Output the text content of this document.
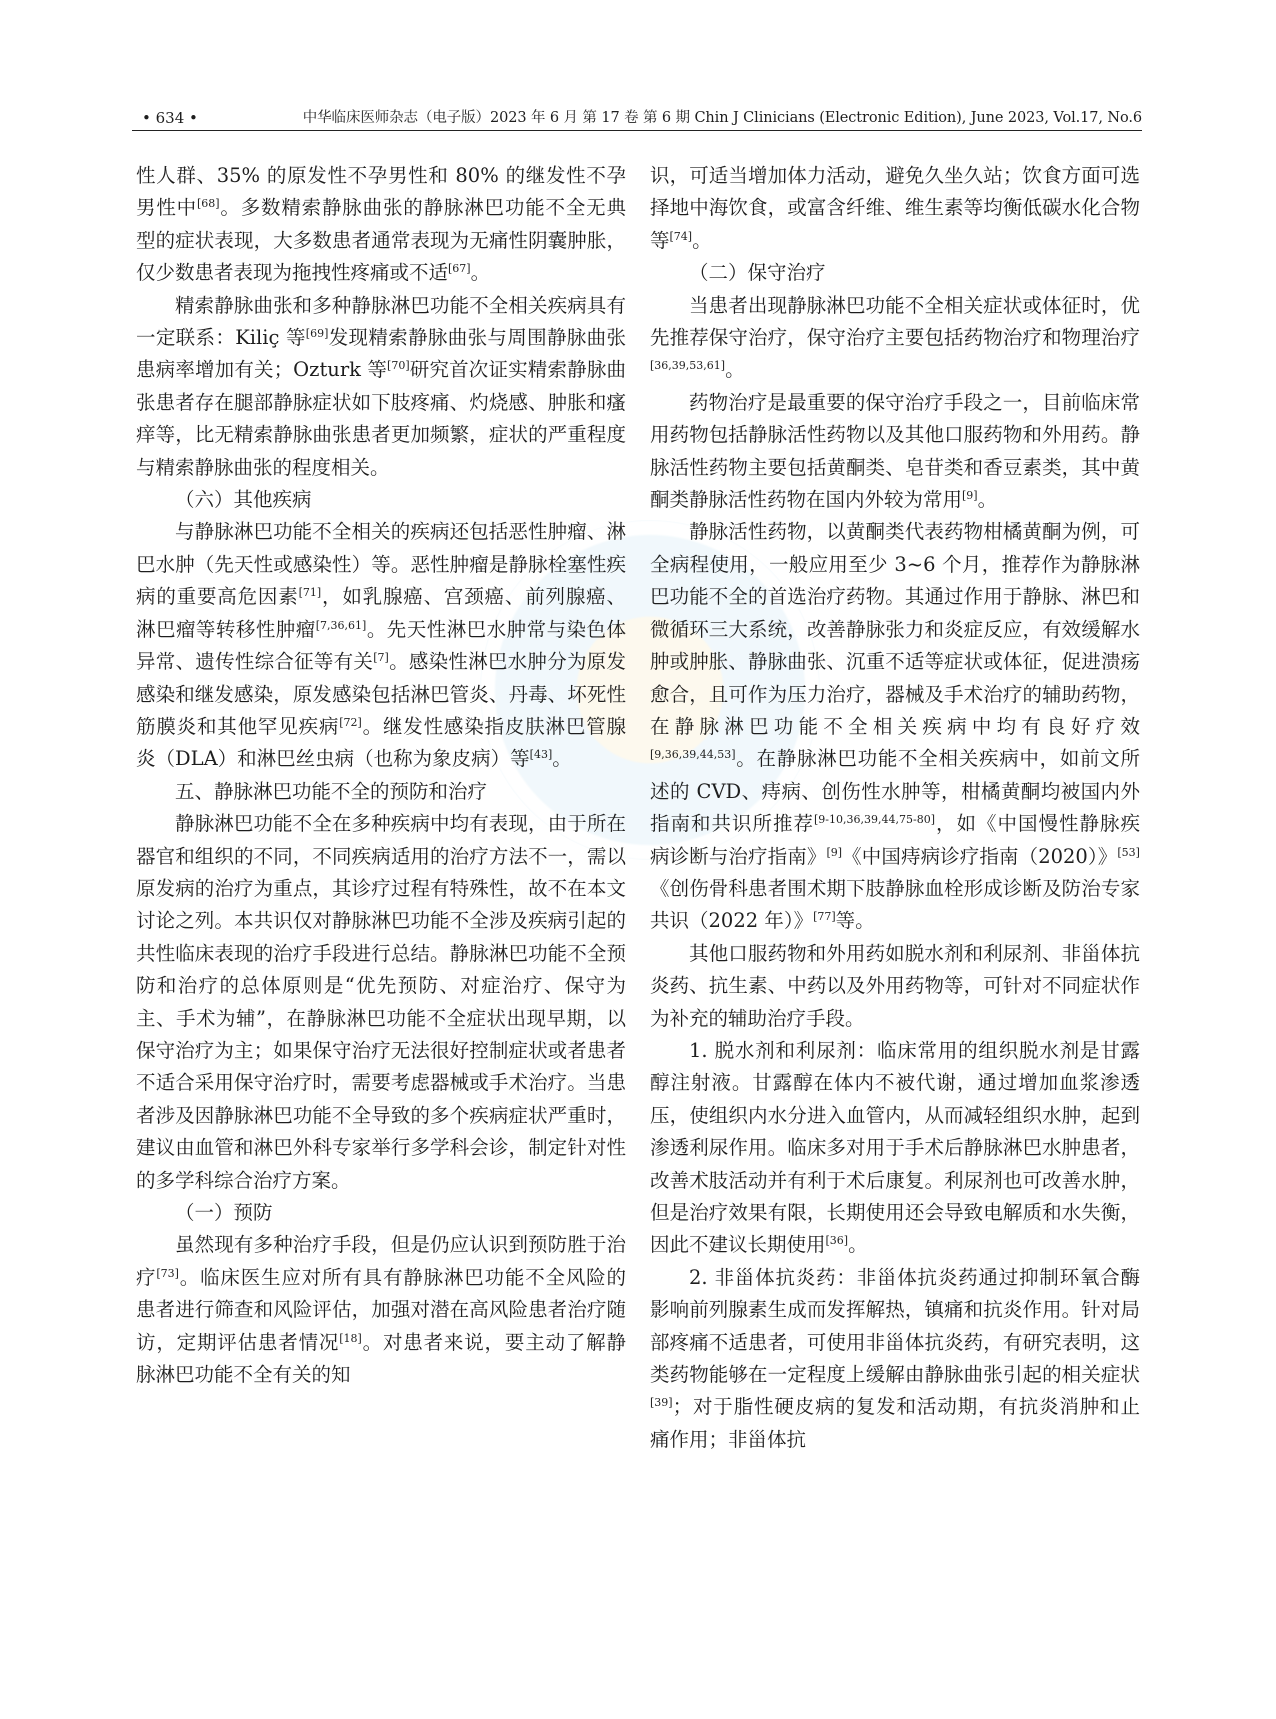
• 634 •	中华临床医师杂志（电子版）2023 年 6 月 第 17 卷 第 6 期 Chin J Clinicians (Electronic Edition), June 2023, Vol.17, No.6

性人群、35% 的原发性不孕男性和 80% 的继发性不孕男性中[68]。多数精索静脉曲张的静脉淋巴功能不全无典型的症状表现，大多数患者通常表现为无痛性阴囊肿胀，仅少数患者表现为拖拽性疼痛或不适[67]。

精索静脉曲张和多种静脉淋巴功能不全相关疾病具有一定联系：Kiliç 等[69]发现精索静脉曲张与周围静脉曲张患病率增加有关；Ozturk 等[70]研究首次证实精索静脉曲张患者存在腿部静脉症状如下肢疼痛、灼烧感、肿胀和瘙痒等，比无精索静脉曲张患者更加频繁，症状的严重程度与精索静脉曲张的程度相关。

（六）其他疾病

与静脉淋巴功能不全相关的疾病还包括恶性肿瘤、淋巴水肿（先天性或感染性）等。恶性肿瘤是静脉栓塞性疾病的重要高危因素[71]，如乳腺癌、宫颈癌、前列腺癌、淋巴瘤等转移性肿瘤[7,36,61]。先天性淋巴水肿常与染色体异常、遗传性综合征等有关[7]。感染性淋巴水肿分为原发感染和继发感染，原发感染包括淋巴管炎、丹毒、坏死性筋膜炎和其他罕见疾病[72]。继发性感染指皮肤淋巴管腺炎（DLA）和淋巴丝虫病（也称为象皮病）等[43]。

五、静脉淋巴功能不全的预防和治疗

静脉淋巴功能不全在多种疾病中均有表现，由于所在器官和组织的不同，不同疾病适用的治疗方法不一，需以原发病的治疗为重点，其诊疗过程有特殊性，故不在本文讨论之列。本共识仅对静脉淋巴功能不全涉及疾病引起的共性临床表现的治疗手段进行总结。静脉淋巴功能不全预防和治疗的总体原则是“优先预防、对症治疗、保守为主、手术为辅”，在静脉淋巴功能不全症状出现早期，以保守治疗为主；如果保守治疗无法很好控制症状或者患者不适合采用保守治疗时，需要考虑器械或手术治疗。当患者涉及因静脉淋巴功能不全导致的多个疾病症状严重时，建议由血管和淋巴外科专家举行多学科会诊，制定针对性的多学科综合治疗方案。

（一）预防

虽然现有多种治疗手段，但是仍应认识到预防胜于治疗[73]。临床医生应对所有具有静脉淋巴功能不全风险的患者进行筛查和风险评估，加强对潜在高风险患者治疗随访，定期评估患者情况[18]。对患者来说，要主动了解静脉淋巴功能不全有关的知

识，可适当增加体力活动，避免久坐久站；饮食方面可选择地中海饮食，或富含纤维、维生素等均衡低碳水化合物等[74]。

（二）保守治疗

当患者出现静脉淋巴功能不全相关症状或体征时，优先推荐保守治疗，保守治疗主要包括药物治疗和物理治疗[36,39,53,61]。

药物治疗是最重要的保守治疗手段之一，目前临床常用药物包括静脉活性药物以及其他口服药物和外用药。静脉活性药物主要包括黄酮类、皂苷类和香豆素类，其中黄酮类静脉活性药物在国内外较为常用[9]。

静脉活性药物，以黄酮类代表药物柑橘黄酮为例，可全病程使用，一般应用至少 3~6 个月，推荐作为静脉淋巴功能不全的首选治疗药物。其通过作用于静脉、淋巴和微循环三大系统，改善静脉张力和炎症反应，有效缓解水肿或肿胀、静脉曲张、沉重不适等症状或体征，促进溃疡愈合，且可作为压力治疗，器械及手术治疗的辅助药物，在静脉淋巴功能不全相关疾病中均有良好疗效[9,36,39,44,53]。在静脉淋巴功能不全相关疾病中，如前文所述的 CVD、痔病、创伤性水肿等，柑橘黄酮均被国内外指南和共识所推荐[9-10,36,39,44,75-80]，如《中国慢性静脉疾病诊断与治疗指南》[9]《中国痔病诊疗指南（2020）》[53]《创伤骨科患者围术期下肢静脉血栓形成诊断及防治专家共识（2022 年）》[77]等。

其他口服药物和外用药如脱水剂和利尿剂、非甾体抗炎药、抗生素、中药以及外用药物等，可针对不同症状作为补充的辅助治疗手段。

1. 脱水剂和利尿剂：临床常用的组织脱水剂是甘露醇注射液。甘露醇在体内不被代谢，通过增加血浆渗透压，使组织内水分进入血管内，从而减轻组织水肿，起到渗透利尿作用。临床多对用于手术后静脉淋巴水肿患者，改善术肢活动并有利于术后康复。利尿剂也可改善水肿，但是治疗效果有限，长期使用还会导致电解质和水失衡，因此不建议长期使用[36]。

2. 非甾体抗炎药：非甾体抗炎药通过抑制环氧合酶影响前列腺素生成而发挥解热，镇痛和抗炎作用。针对局部疼痛不适患者，可使用非甾体抗炎药，有研究表明，这类药物能够在一定程度上缓解由静脉曲张引起的相关症状[39]；对于脂性硬皮病的复发和活动期，有抗炎消肿和止痛作用；非甾体抗
